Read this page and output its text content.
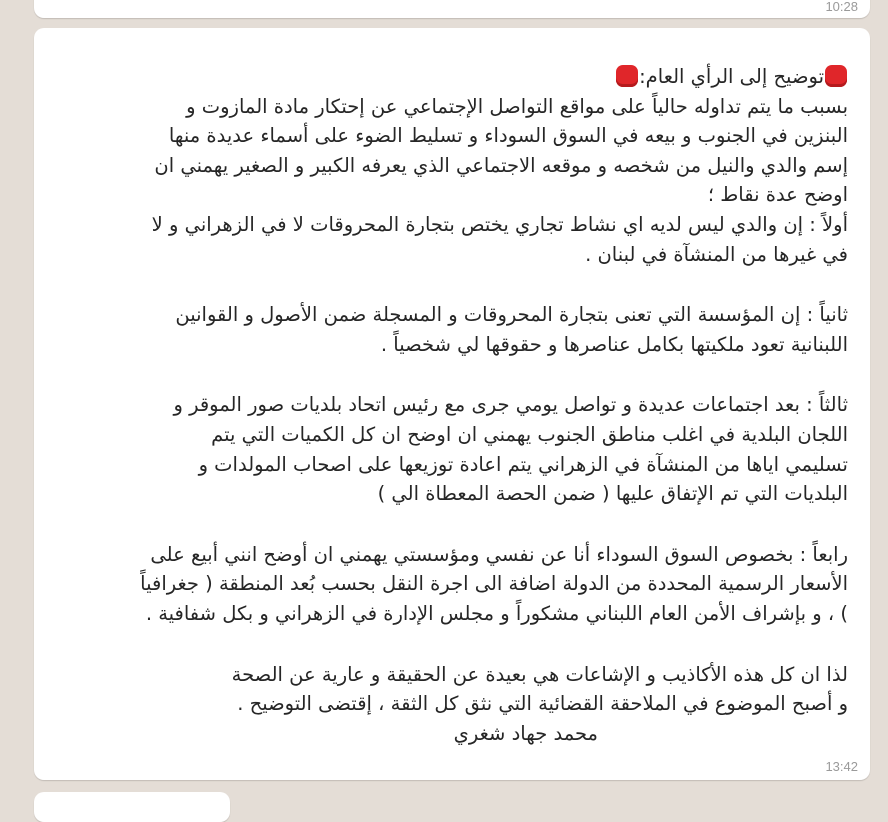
10:28
توضيح إلى الرأي العام:
بسبب ما يتم تداوله حالياً على مواقع التواصل الإجتماعي عن إحتكار مادة المازوت و
البنزين في الجنوب و بيعه في السوق السوداء و تسليط الضوء على أسماء عديدة منها
إسم والدي والنيل من شخصه و موقعه الاجتماعي الذي يعرفه الكبير و الصغير يهمني ان
اوضح عدة نقاط ؛
أولاً : إن والدي ليس لديه اي نشاط تجاري يختص بتجارة المحروقات لا في الزهراني و لا
في غيرها من المنشآة في لبنان .
ثانياً : إن المؤسسة التي تعنى بتجارة المحروقات و المسجلة ضمن الأصول و القوانين
اللبنانية تعود ملكيتها بكامل عناصرها و حقوقها لي شخصياً .
ثالثاً : بعد اجتماعات عديدة و تواصل يومي جرى مع رئيس اتحاد بلديات صور الموقر و
اللجان البلدية في اغلب مناطق الجنوب يهمني ان اوضح ان كل الكميات التي يتم
تسليمي اياها من المنشآة في الزهراني يتم اعادة توزيعها على اصحاب المولدات و
البلديات التي تم الإتفاق عليها ( ضمن الحصة المعطاة الي )
رابعاً : بخصوص السوق السوداء أنا عن نفسي ومؤسستي يهمني ان أوضح انني أبيع على
الأسعار الرسمية المحددة من الدولة اضافة الى اجرة النقل بحسب بُعد المنطقة ( جغرافياً
) ، و بإشراف الأمن العام اللبناني مشكوراً و مجلس الإدارة في الزهراني و بكل شفافية .
لذا ان كل هذه الأكاذيب و الإشاعات هي بعيدة عن الحقيقة و عارية عن الصحة
و أصبح الموضوع في الملاحقة القضائية التي نثق كل الثقة ، إقتضى التوضيح .
محمد جهاد شغري
13:42
